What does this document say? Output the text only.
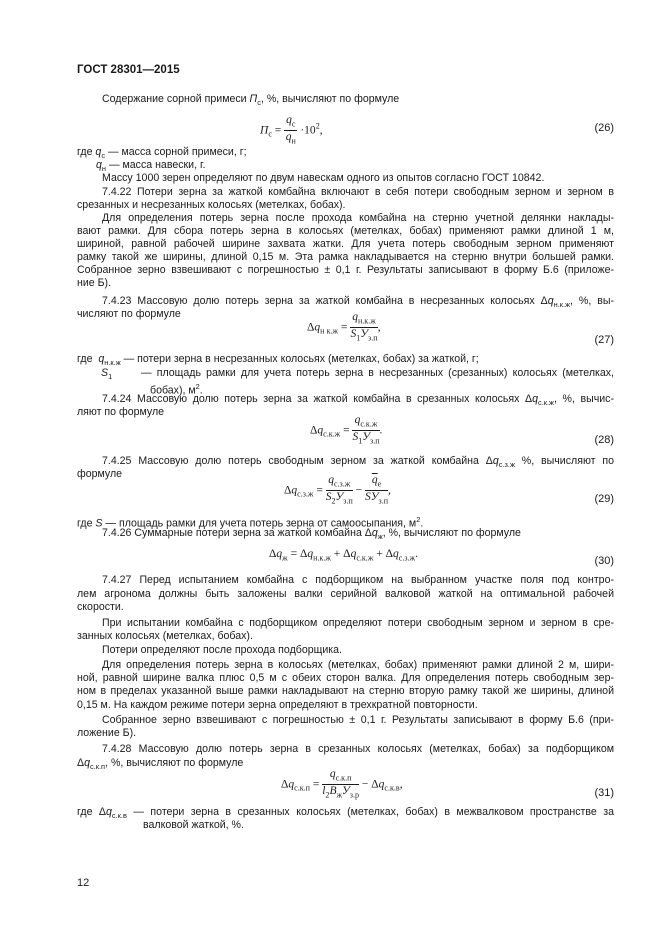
ГОСТ 28301—2015
Содержание сорной примеси $П_с$, %, вычисляют по формуле
$П_с = \frac{q_с}{q_н} \cdot 10^2$,	(26)
где $q_с$ — масса сорной примеси, г;
$q_н$ — масса навески, г.
Массу 1000 зерен определяют по двум навескам одного из опытов согласно ГОСТ 10842.
7.4.22 Потери зерна за жаткой комбайна включают в себя потери свободным зерном и зерном в
срезанных и несрезанных колосьях (метелках, бобах).
Для определения потерь зерна после прохода комбайна на стерню учетной делянки наклады-
вают рамки. Для сбора потерь зерна в колосьях (метелках, бобах) применяют рамки длиной 1 м,
шириной, равной рабочей ширине захвата жатки. Для учета потерь свободным зерном применяют
рамку такой же ширины, длиной 0,15 м. Эта рамка накладывается на стерню внутри большей рамки.
Собранное зерно взвешивают с погрешностью ± 0,1 г. Результаты записывают в форму Б.6 (приложе-
ние Б).
7.4.23 Массовую долю потерь зерна за жаткой комбайна в несрезанных колосьях $\Delta q_{н.к.ж}$, %, вы-
числяют по формуле
$\Delta q_{н к.ж} = \frac{q_{н.к.ж}}{S_1У_{з.п}}$ ,
(27)
где  $q_{н.к.ж}$ — потери зерна в несрезанных колосьях (метелках, бобах) за жаткой, г;
$S_1$	— площадь рамки для учета потерь зерна в несрезанных (срезанных) колосьях (метелках,
бобах), $м^2$.
7.4.24 Массовую долю потерь зерна за жаткой комбайна в срезанных колосьях $\Delta q_{с.к.ж}$, %, вычис-
ляют по формуле
$\Delta q_{с.к.ж} = \frac{q_{с.к.ж}}{S_1У_{з.п}}$ .
(28)
7.4.25 Массовую долю потерь свободным зерном за жаткой комбайна $\Delta q_{с.з.ж}$ %, вычисляют по
формуле
$\Delta q_{с.з.ж} = \frac{q_{с.з.ж}}{S_2У_{з.п}} - \frac{\overline{q}_е}{SУ_{з.п}}$ ,
(29)
где S — площадь рамки для учета потерь зерна от самоосыпания, $м^2$.
7.4.26 Суммарные потери зерна за жаткой комбайна $\Delta q_ж$, %, вычисляют по формуле
$\Delta q_ж = \Delta q_{н.к.ж} + \Delta q_{с.к.ж} + \Delta q_{с.з.ж}$.
(30)
7.4.27 Перед испытанием комбайна с подборщиком на выбранном участке поля под контро-
лем агронома должны быть заложены валки серийной валковой жаткой на оптимальной рабочей
скорости.
При испытании комбайна с подборщиком определяют потери свободным зерном и зерном в сре-
занных колосьях (метелках, бобах).
Потери определяют после прохода подборщика.
Для определения потерь зерна в колосьях (метелках, бобах) применяют рамки длиной 2 м, шири-
ной, равной ширине валка плюс 0,5 м с обеих сторон валка. Для определения потерь свободным зер-
ном в пределах указанной выше рамки накладывают на стерню вторую рамку такой же ширины, длиной
0,15 м. На каждом режиме потери зерна определяют в трехкратной повторности.
Собранное зерно взвешивают с погрешностью ± 0,1 г. Результаты записывают в форму Б.6 (при-
ложение Б).
7.4.28 Массовую долю потерь зерна в срезанных колосьях (метелках, бобах) за подборщиком
$\Delta q_{с.к.п}$, %, вычисляют по формуле
$\Delta q_{с.к.п} = \frac{q_{с.к.п}}{l_2B_жУ_{з.р}} - \Delta q_{с.к.в}$,
(31)
где $\Delta q_{с.к.в}$ — потери зерна в срезанных колосьях (метелках, бобах) в межвалковом пространстве за
валковой жаткой, %.
12
